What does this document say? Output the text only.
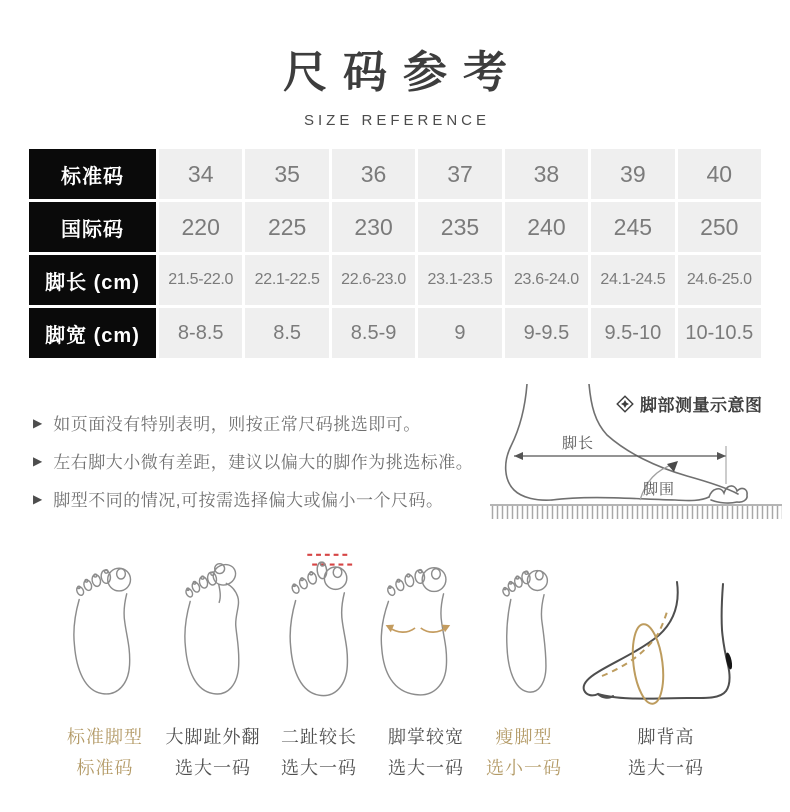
尺码参考
SIZE REFERENCE
标准码	34	35	36	37	38	39	40
国际码	220	225	230	235	240	245	250
脚长 (cm)	21.5-22.0	22.1-22.5	22.6-23.0	23.1-23.5	23.6-24.0	24.1-24.5	24.6-25.0
脚宽 (cm)	8-8.5	8.5	8.5-9	9	9-9.5	9.5-10	10-10.5
▶ 如页面没有特别表明，则按正常尺码挑选即可。
▶ 左右脚大小微有差距，建议以偏大的脚作为挑选标准。
▶ 脚型不同的情况,可按需选择偏大或偏小一个尺码。
脚部测量示意图
脚长
脚围
标准脚型
标准码
大脚趾外翻
选大一码
二趾较长
选大一码
脚掌较宽
选大一码
瘦脚型
选小一码
脚背高
选大一码
